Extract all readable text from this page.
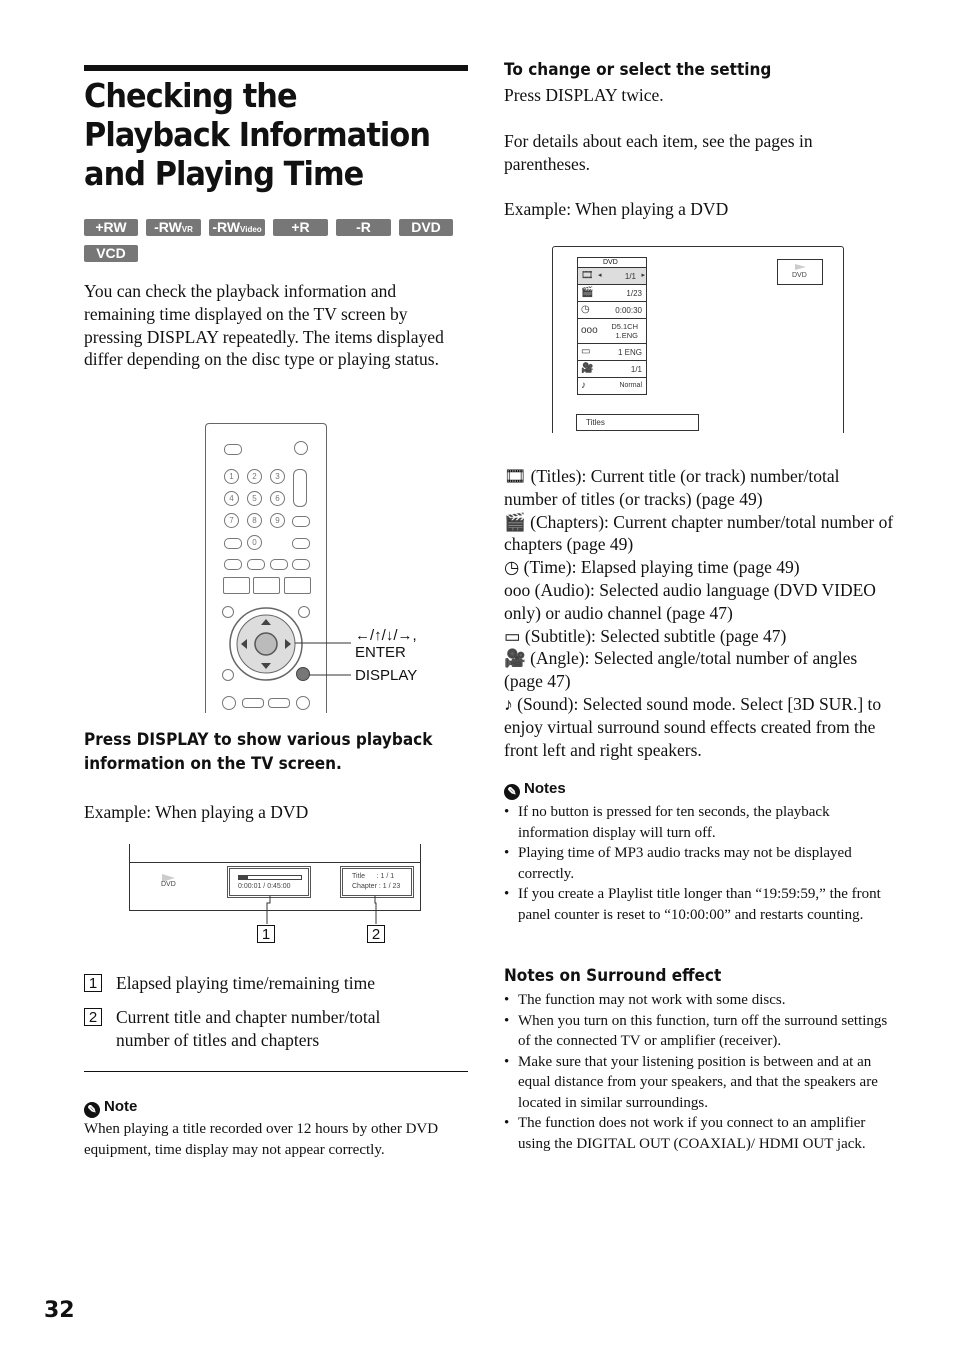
Checking the Playback Information and Playing Time
+RW	-RWVR	-RWVideo	+R	-R	DVD
VCD
You can check the playback information and remaining time displayed on the TV screen by pressing DISPLAY repeatedly. The items displayed differ depending on the disc type or playing status.
1	2	3
4	5	6
7	8	9
0
←/↑/↓/→,
ENTER
DISPLAY
Press DISPLAY to show various playback information on the TV screen.
Example: When playing a DVD
DVD	0:00:01 / 0:45:00
Title      : 1 / 1
Chapter : 1 / 23
1	2
1	Elapsed playing time/remaining time
2	Current title and chapter number/total number of titles and chapters
✎ Note
When playing a title recorded over 12 hours by other DVD equipment, time display may not appear correctly.
To change or select the setting
Press DISPLAY twice.
For details about each item, see the pages in parentheses.
Example: When playing a DVD
DVD
🎞 ◂	1/1 ▸
🎬	1/23
◷	0:00:30
ᴏᴏᴏ D5.1CH
1.ENG
▭	1 ENG
🎥	1/1
♪	Normal
DVD
Titles
🎞 (Titles): Current title (or track) number/total number of titles (or tracks) (page 49)
🎬 (Chapters): Current chapter number/total number of chapters (page 49)
◷ (Time): Elapsed playing time (page 49)
ᴏᴏᴏ (Audio): Selected audio language (DVD VIDEO only) or audio channel (page 47)
▭ (Subtitle): Selected subtitle (page 47)
🎥 (Angle): Selected angle/total number of angles (page 47)
♪ (Sound): Selected sound mode. Select [3D SUR.] to enjoy virtual surround sound effects created from the front left and right speakers.
✎ Notes
• If no button is pressed for ten seconds, the playback information display will turn off.
• Playing time of MP3 audio tracks may not be displayed correctly.
• If you create a Playlist title longer than “19:59:59,” the front panel counter is reset to “10:00:00” and restarts counting.
Notes on Surround effect
• The function may not work with some discs.
• When you turn on this function, turn off the surround settings of the connected TV or amplifier (receiver).
• Make sure that your listening position is between and at an equal distance from your speakers, and that the speakers are located in similar surroundings.
• The function does not work if you connect to an amplifier using the DIGITAL OUT (COAXIAL)/ HDMI OUT jack.
32
